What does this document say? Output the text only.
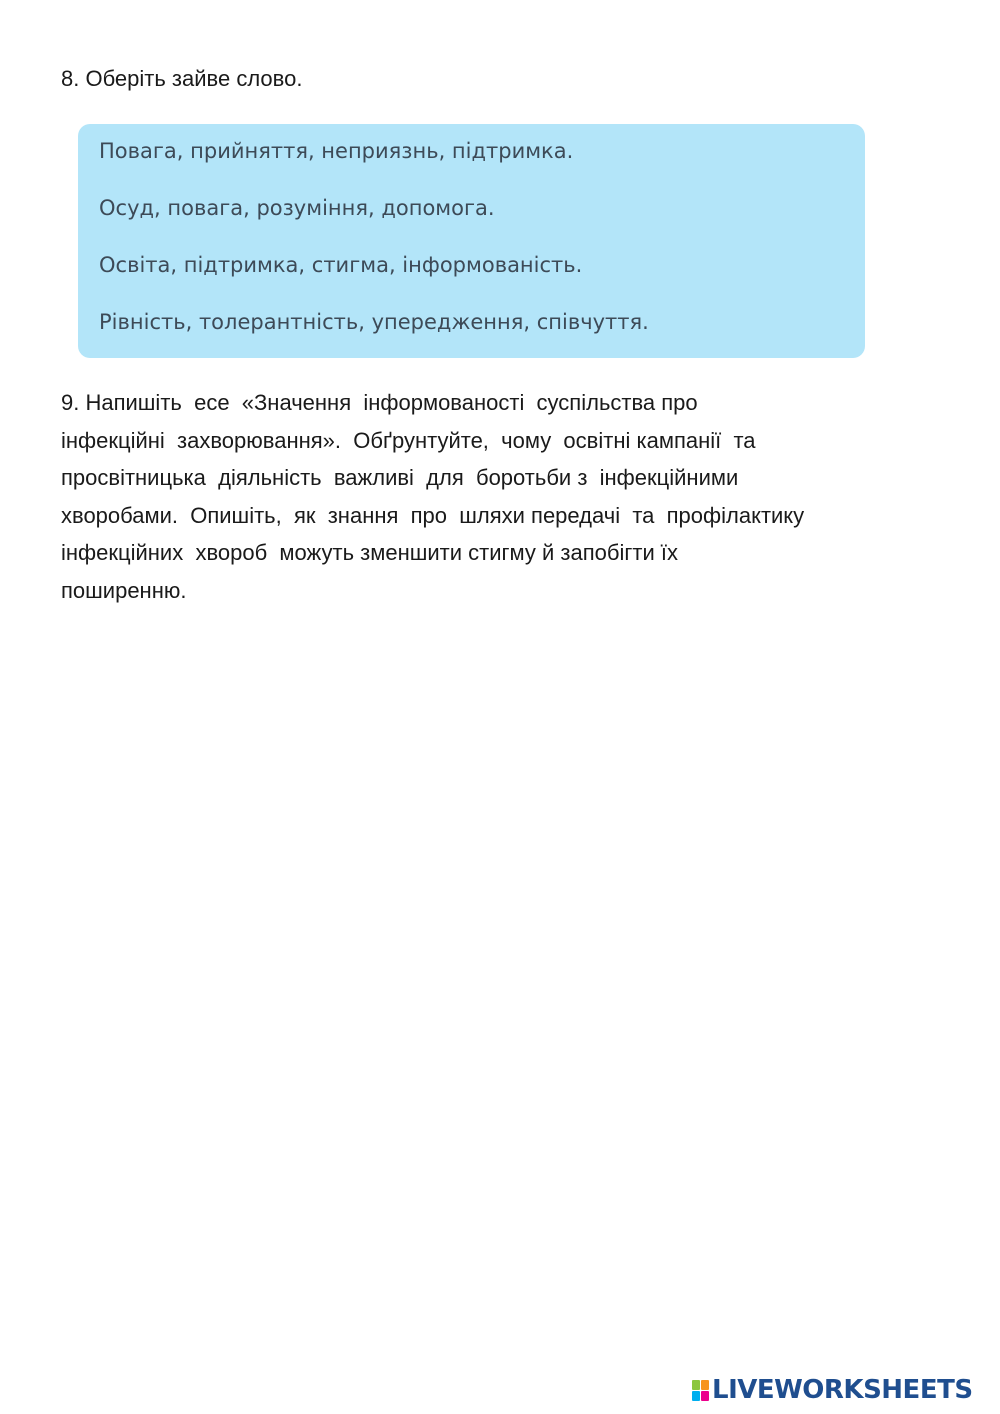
8. Оберіть зайве слово.
Повага, прийняття, неприязнь, підтримка.
Осуд, повага, розуміння, допомога.
Освіта, підтримка, стигма, інформованість.
Рівність, толерантність, упередження, співчуття.
9. Напишіть  есе  «Значення  інформованості  суспільства про
інфекційні  захворювання».  Обґрунтуйте,  чому  освітні кампанії  та
просвітницька  діяльність  важливі  для  боротьби з  інфекційними
хворобами.  Опишіть,  як  знання  про  шляхи передачі  та  профілактику
інфекційних  хвороб  можуть зменшити стигму й запобігти їх
поширенню.
LIVEWORKSHEETS
